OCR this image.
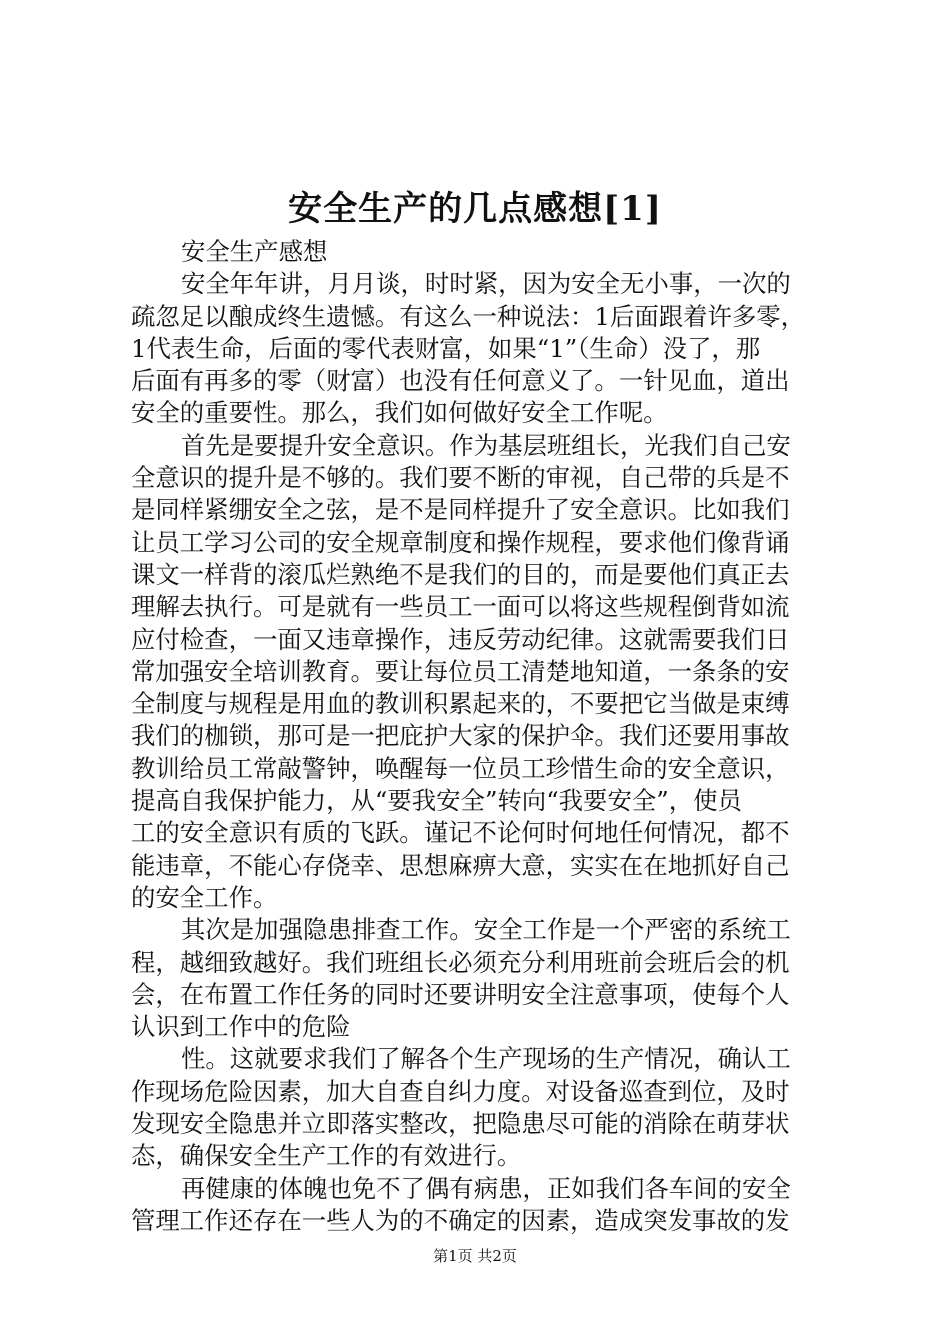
安全生产的几点感想[1]
安全生产感想
安全年年讲，月月谈，时时紧，因为安全无小事，一次的
疏忽足以酿成终生遗憾。有这么一种说法：1后面跟着许多零，
1代表生命，后面的零代表财富，如果“1”（生命）没了，那
后面有再多的零（财富）也没有任何意义了。一针见血，道出
安全的重要性。那么，我们如何做好安全工作呢。
首先是要提升安全意识。作为基层班组长，光我们自己安
全意识的提升是不够的。我们要不断的审视，自己带的兵是不
是同样紧绷安全之弦，是不是同样提升了安全意识。比如我们
让员工学习公司的安全规章制度和操作规程，要求他们像背诵
课文一样背的滚瓜烂熟绝不是我们的目的，而是要他们真正去
理解去执行。可是就有一些员工一面可以将这些规程倒背如流
应付检查，一面又违章操作，违反劳动纪律。这就需要我们日
常加强安全培训教育。要让每位员工清楚地知道，一条条的安
全制度与规程是用血的教训积累起来的，不要把它当做是束缚
我们的枷锁，那可是一把庇护大家的保护伞。我们还要用事故
教训给员工常敲警钟，唤醒每一位员工珍惜生命的安全意识，
提高自我保护能力，从“要我安全”转向“我要安全”，使员
工的安全意识有质的飞跃。谨记不论何时何地任何情况，都不
能违章，不能心存侥幸、思想麻痹大意，实实在在地抓好自己
的安全工作。
其次是加强隐患排查工作。安全工作是一个严密的系统工
程，越细致越好。我们班组长必须充分利用班前会班后会的机
会，在布置工作任务的同时还要讲明安全注意事项，使每个人
认识到工作中的危险
性。这就要求我们了解各个生产现场的生产情况，确认工
作现场危险因素，加大自查自纠力度。对设备巡查到位，及时
发现安全隐患并立即落实整改，把隐患尽可能的消除在萌芽状
态，确保安全生产工作的有效进行。
再健康的体魄也免不了偶有病患，正如我们各车间的安全
管理工作还存在一些人为的不确定的因素，造成突发事故的发
第1页 共2页
